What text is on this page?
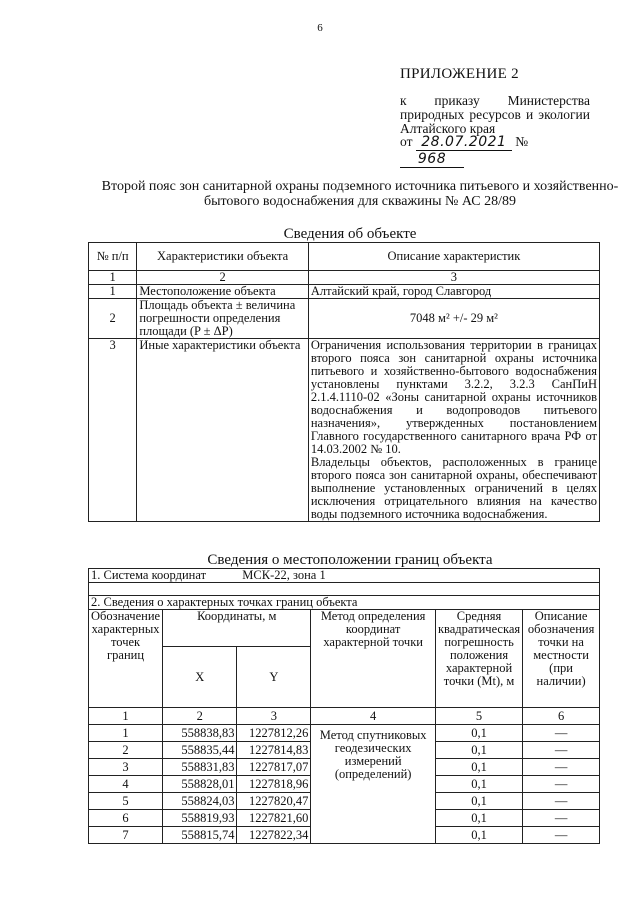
6
ПРИЛОЖЕНИЕ 2
к приказу Министерства
природных ресурсов и экологии Алтайского края
от 28.07.2021 № 968
Второй пояс зон санитарной охраны подземного источника питьевого и хозяйственно-бытового водоснабжения для скважины № АС 28/89
Сведения об объекте
№ п/п	Характеристики объекта	Описание характеристик
1	2	3
1	Местоположение объекта	Алтайский край, город Славгород
2	Площадь объекта ± величина погрешности определения площади (P ± ΔP)	7048 м² +/- 29 м²
3	Иные характеристики объекта	Ограничения использования территории в границах второго пояса зон санитарной охраны источника питьевого и хозяйственно-бытового водоснабжения установлены пунктами 3.2.2, 3.2.3 СанПиН 2.1.4.1110-02 «Зоны санитарной охраны источников водоснабжения и водопроводов питьевого назначения», утвержденных постановлением Главного государственного санитарного врача РФ от 14.03.2002 № 10.
Владельцы объектов, расположенных в границе второго пояса зон санитарной охраны, обеспечивают выполнение установленных ограничений в целях исключения отрицательного влияния на качество воды подземного источника водоснабжения.
Сведения о местоположении границ объекта
1. Система координат МСК-22, зона 1					

2. Сведения о характерных точках границ объекта					
Обозначение характерных точек границ	Координаты, м		Метод определения координат характерной точки	Средняя квадратическая погрешность положения характерной точки (Mt), м	Описание обозначения точки на местности (при наличии)
	X	Y			
1	2	3	4	5	6
1	558838,83	1227812,26	Метод спутниковых геодезических измерений (определений)	0,1	—
2	558835,44	1227814,83		0,1	—
3	558831,83	1227817,07		0,1	—
4	558828,01	1227818,96		0,1	—
5	558824,03	1227820,47		0,1	—
6	558819,93	1227821,60		0,1	—
7	558815,74	1227822,34		0,1	—
